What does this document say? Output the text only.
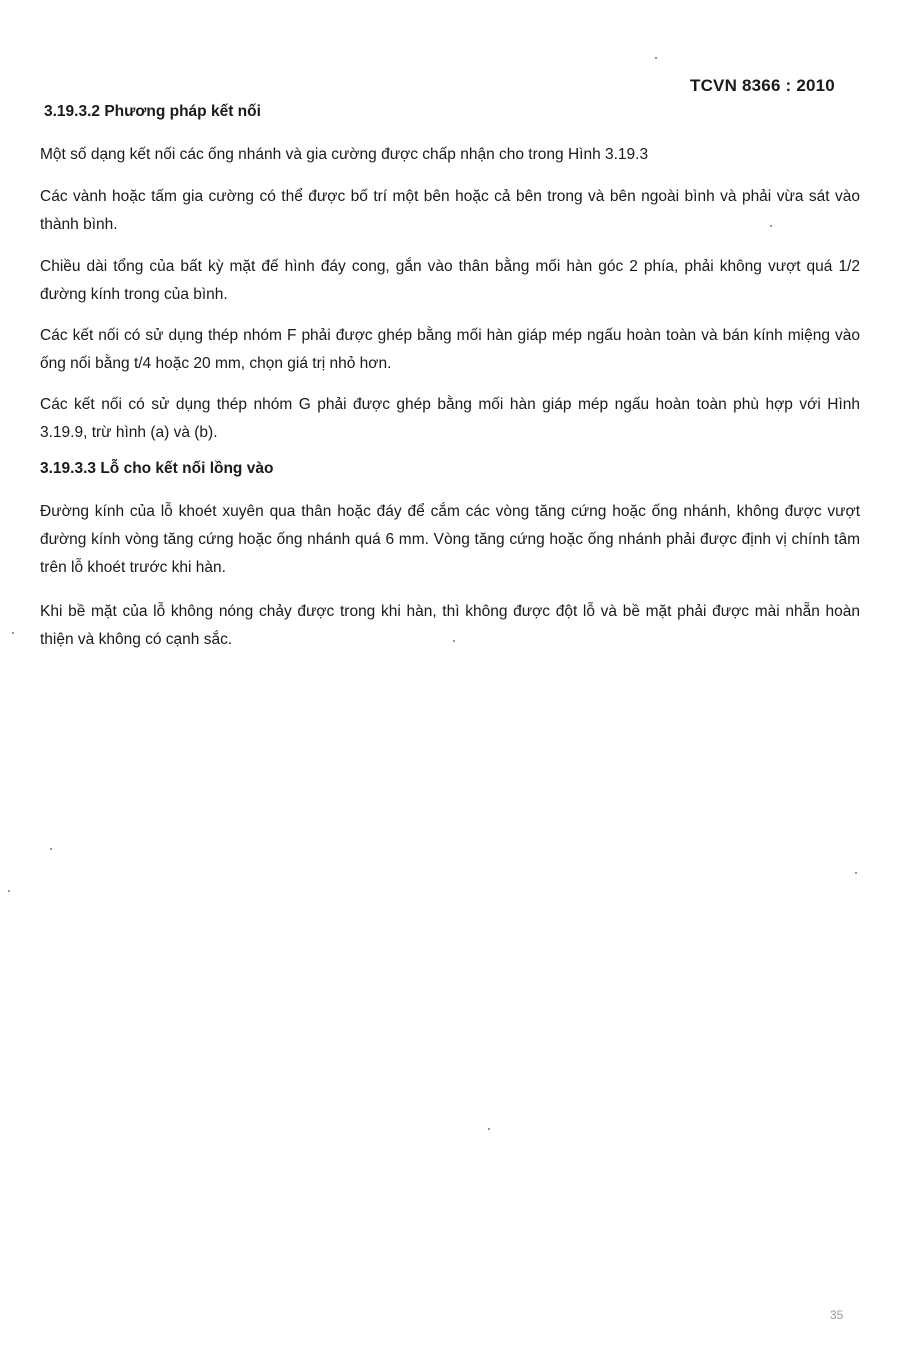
TCVN 8366 : 2010
3.19.3.2 Phương pháp kết nối

Một số dạng kết nối các ống nhánh và gia cường được chấp nhận cho trong Hình 3.19.3

Các vành hoặc tấm gia cường có thể được bố trí một bên hoặc cả bên trong và bên ngoài bình và phải vừa sát vào thành bình.

Chiều dài tổng của bất kỳ mặt đế hình đáy cong, gắn vào thân bằng mối hàn góc 2 phía, phải không vượt quá 1/2 đường kính trong của bình.

Các kết nối có sử dụng thép nhóm F phải được ghép bằng mối hàn giáp mép ngấu hoàn toàn và bán kính miệng vào ống nối bằng t/4 hoặc 20 mm, chọn giá trị nhỏ hơn.

Các kết nối có sử dụng thép nhóm G phải được ghép bằng mối hàn giáp mép ngấu hoàn toàn phù hợp với Hình 3.19.9, trừ hình (a) và (b).

3.19.3.3 Lỗ cho kết nối lồng vào

Đường kính của lỗ khoét xuyên qua thân hoặc đáy để cắm các vòng tăng cứng hoặc ống nhánh, không được vượt đường kính vòng tăng cứng hoặc ống nhánh quá 6 mm. Vòng tăng cứng hoặc ống nhánh phải được định vị chính tâm trên lỗ khoét trước khi hàn.

Khi bề mặt của lỗ không nóng chảy được trong khi hàn, thì không được đột lỗ và bề mặt phải được mài nhẵn hoàn thiện và không có cạnh sắc.

35
